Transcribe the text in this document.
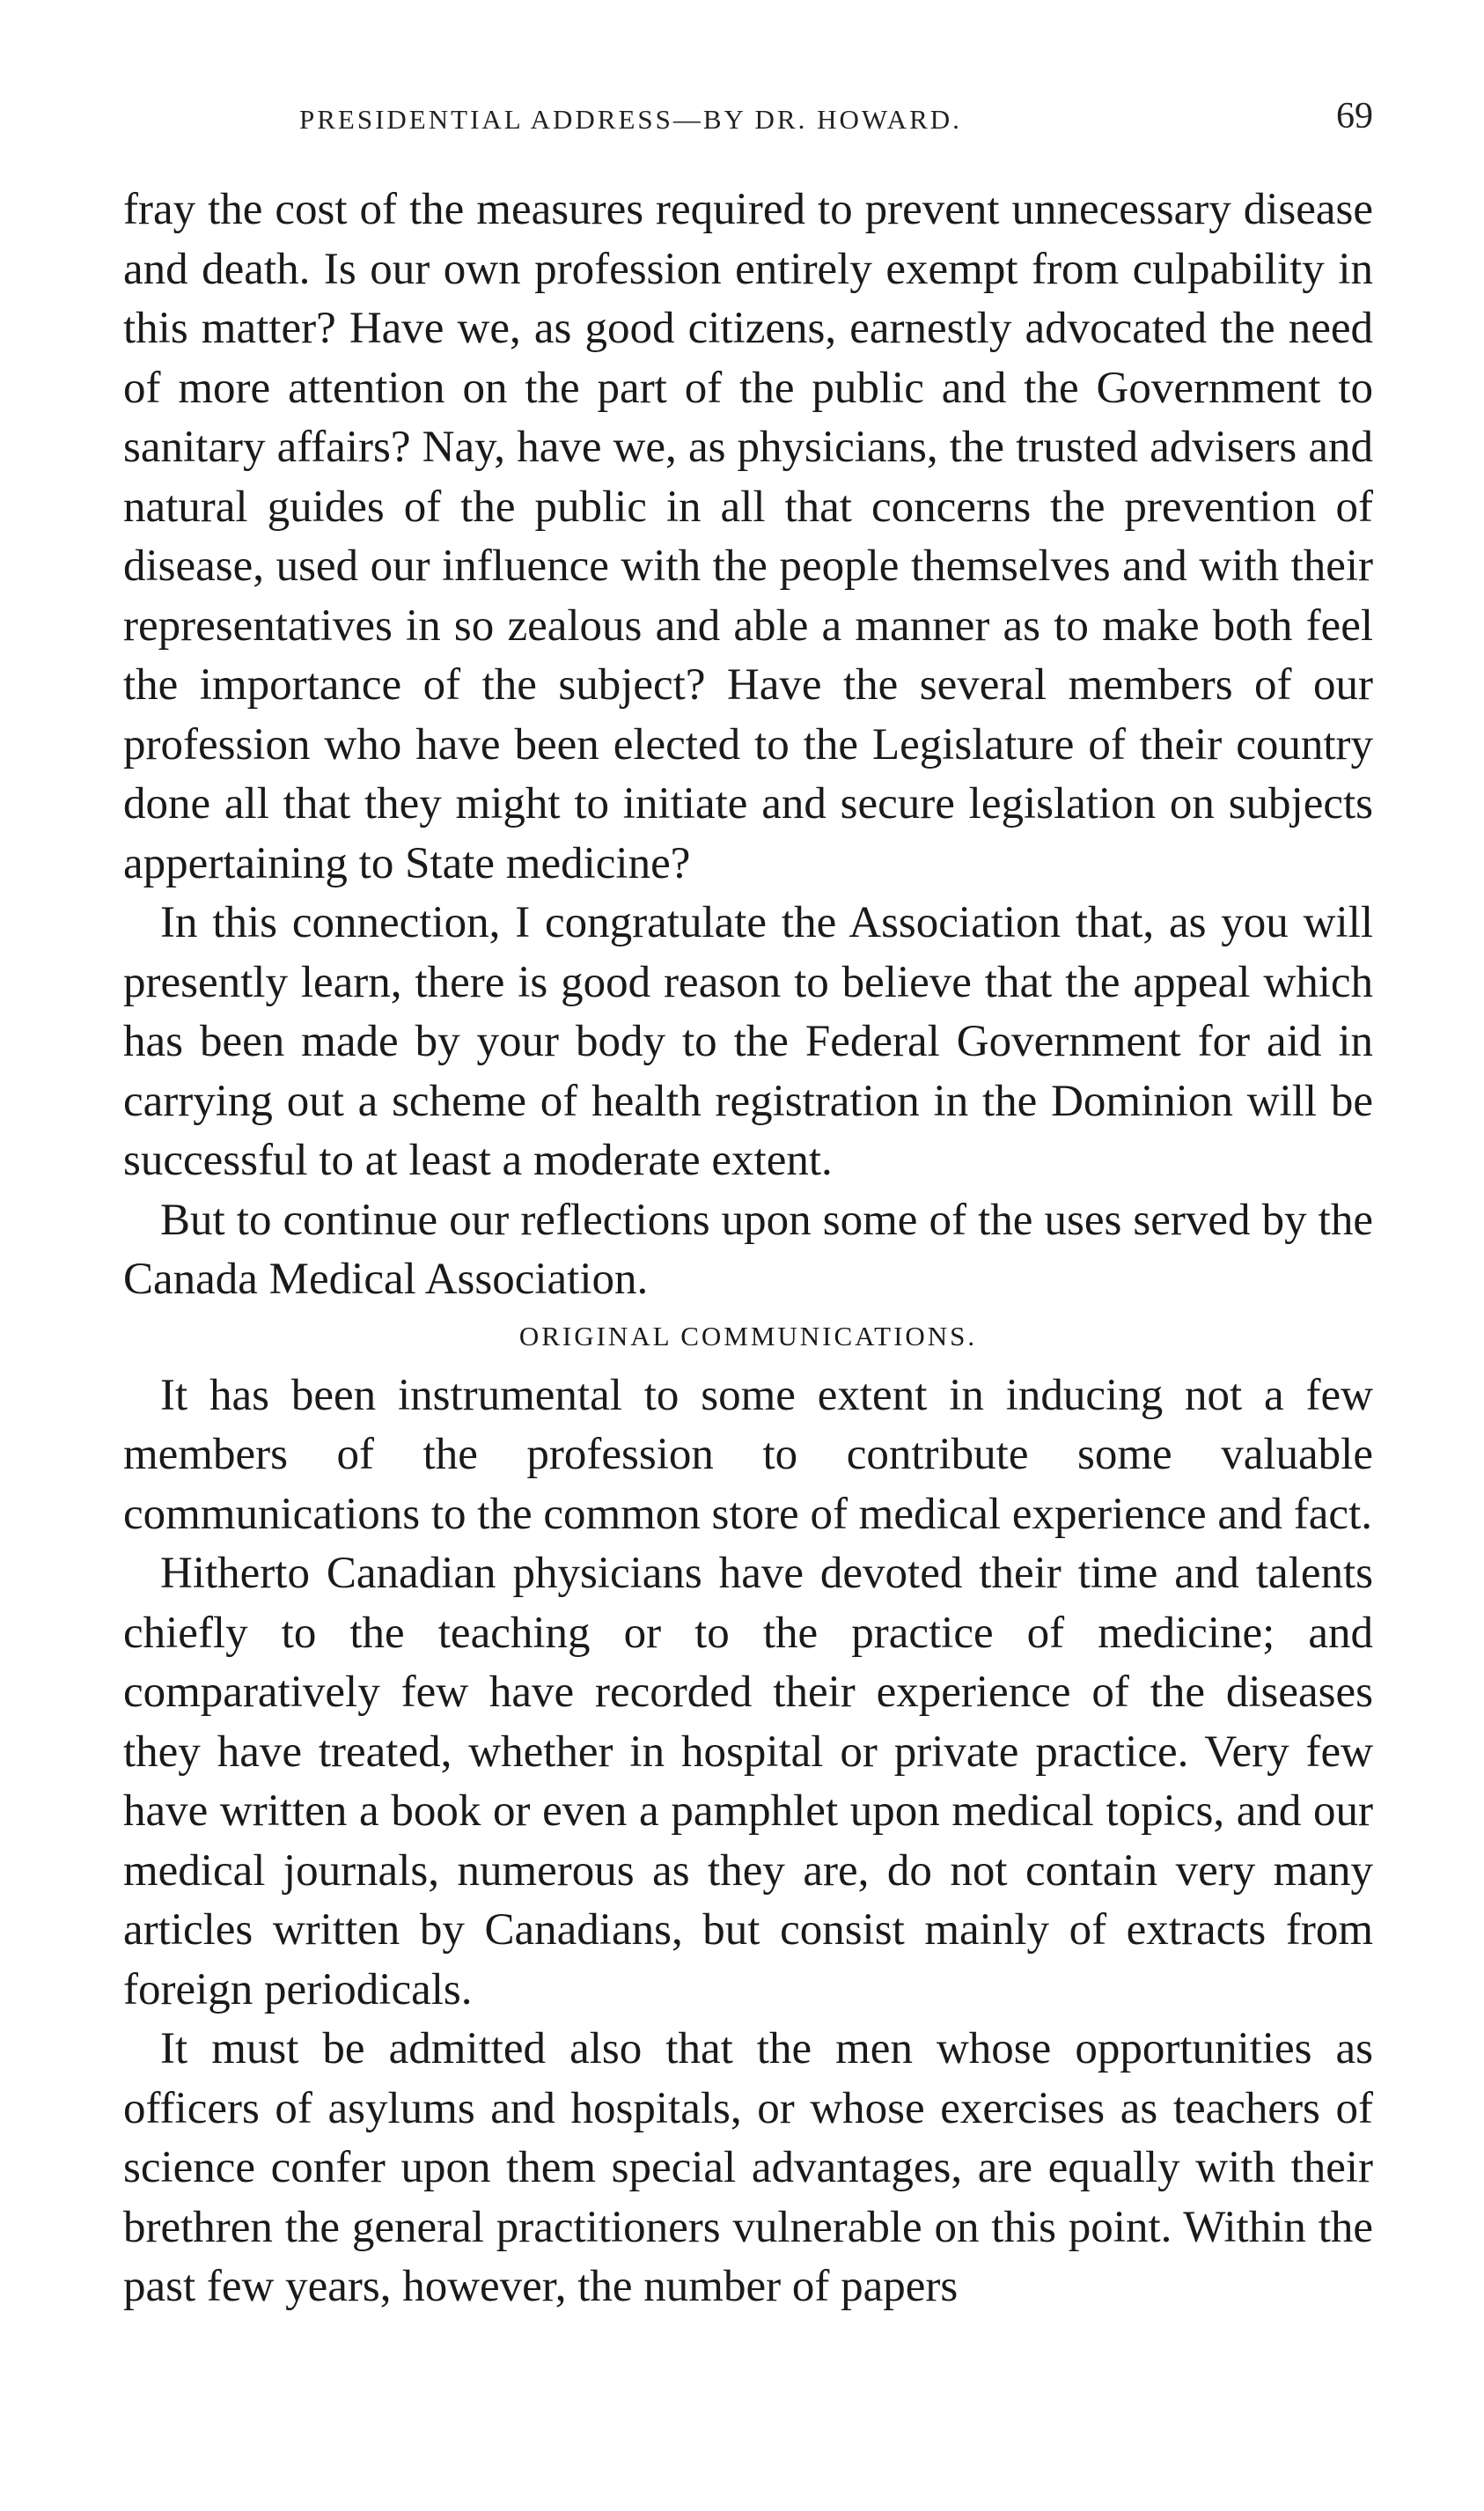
PRESIDENTIAL ADDRESS—BY DR. HOWARD.	69

fray the cost of the measures required to prevent unnecessary disease and death. Is our own profession entirely exempt from culpability in this matter? Have we, as good citizens, earnestly advocated the need of more attention on the part of the public and the Government to sanitary affairs? Nay, have we, as physicians, the trusted advisers and natural guides of the public in all that concerns the prevention of disease, used our influence with the people themselves and with their representatives in so zealous and able a manner as to make both feel the importance of the subject? Have the several members of our profession who have been elected to the Legislature of their country done all that they might to initiate and secure legislation on subjects appertaining to State medicine?

In this connection, I congratulate the Association that, as you will presently learn, there is good reason to believe that the appeal which has been made by your body to the Federal Government for aid in carrying out a scheme of health registration in the Dominion will be successful to at least a moderate extent.

But to continue our reflections upon some of the uses served by the Canada Medical Association.

ORIGINAL COMMUNICATIONS.

It has been instrumental to some extent in inducing not a few members of the profession to contribute some valuable communications to the common store of medical experience and fact.

Hitherto Canadian physicians have devoted their time and talents chiefly to the teaching or to the practice of medicine; and comparatively few have recorded their experience of the diseases they have treated, whether in hospital or private practice. Very few have written a book or even a pamphlet upon medical topics, and our medical journals, numerous as they are, do not contain very many articles written by Canadians, but consist mainly of extracts from foreign periodicals.

It must be admitted also that the men whose opportunities as officers of asylums and hospitals, or whose exercises as teachers of science confer upon them special advantages, are equally with their brethren the general practitioners vulnerable on this point. Within the past few years, however, the number of papers
